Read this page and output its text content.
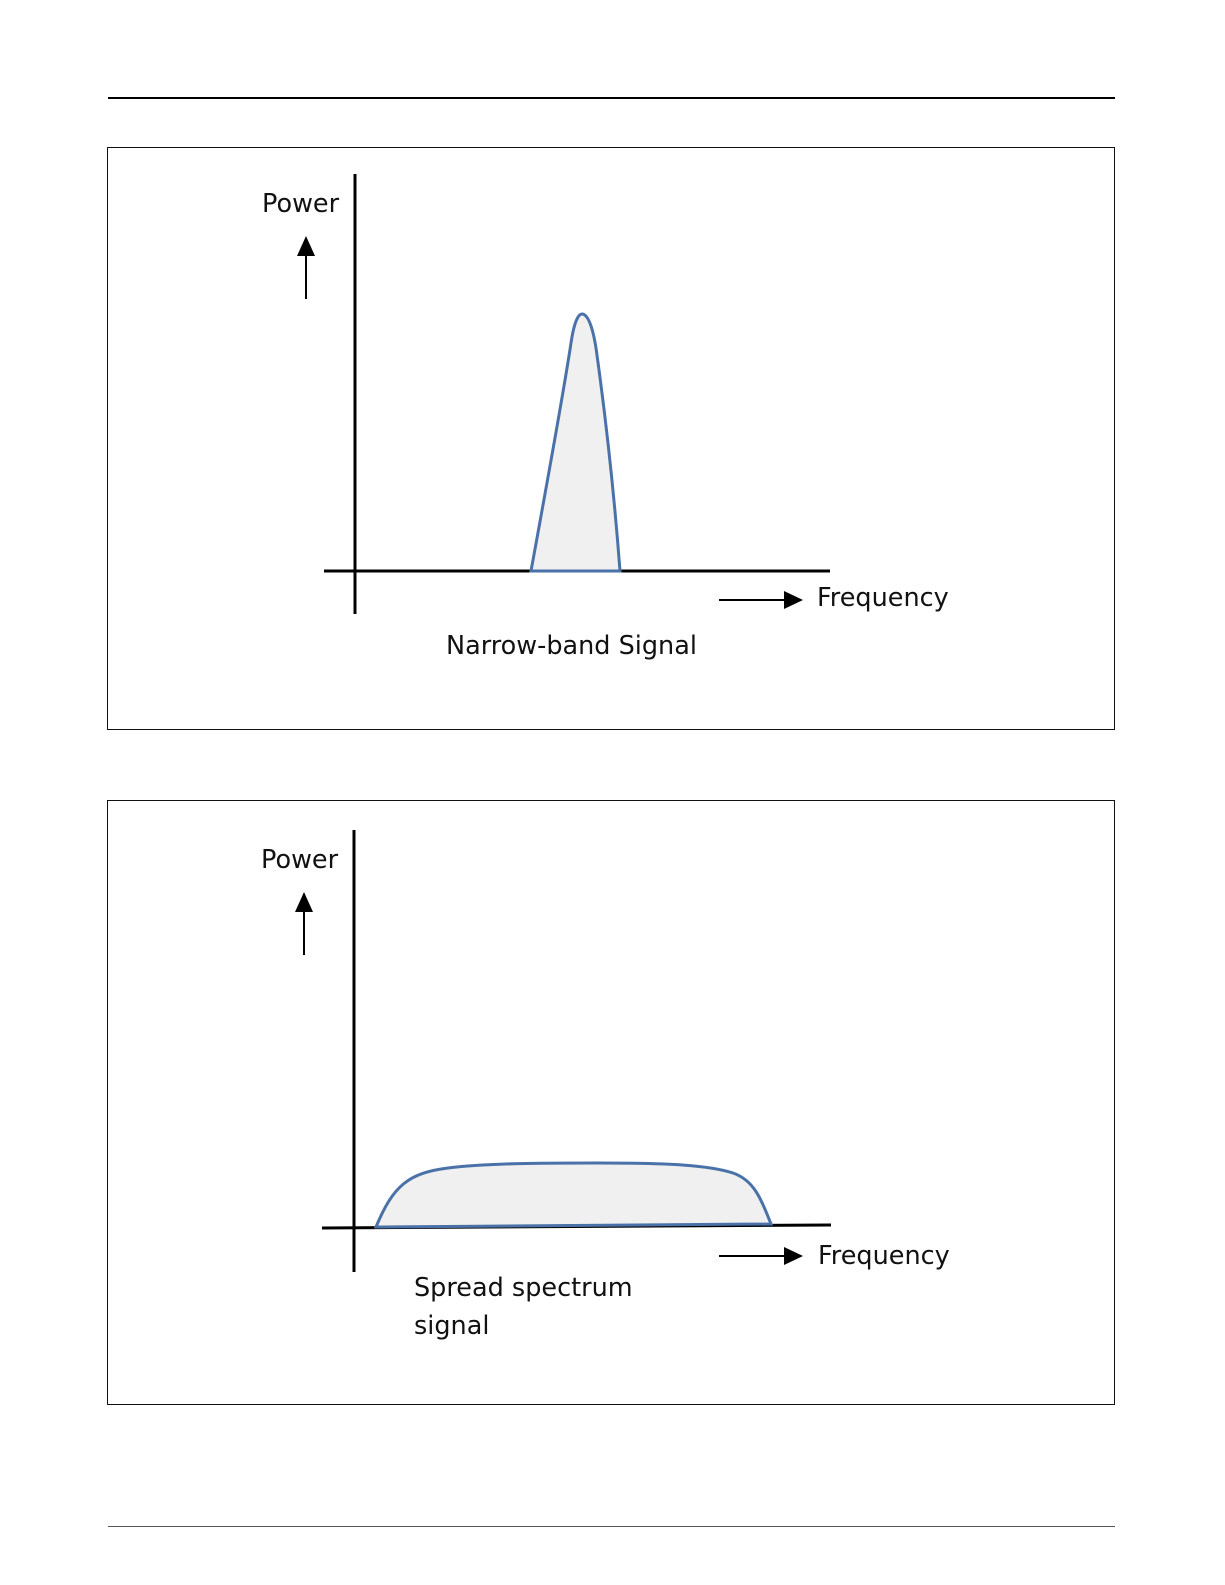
Power
Frequency
Narrow-band Signal
Power
Frequency
Spread spectrum
signal
